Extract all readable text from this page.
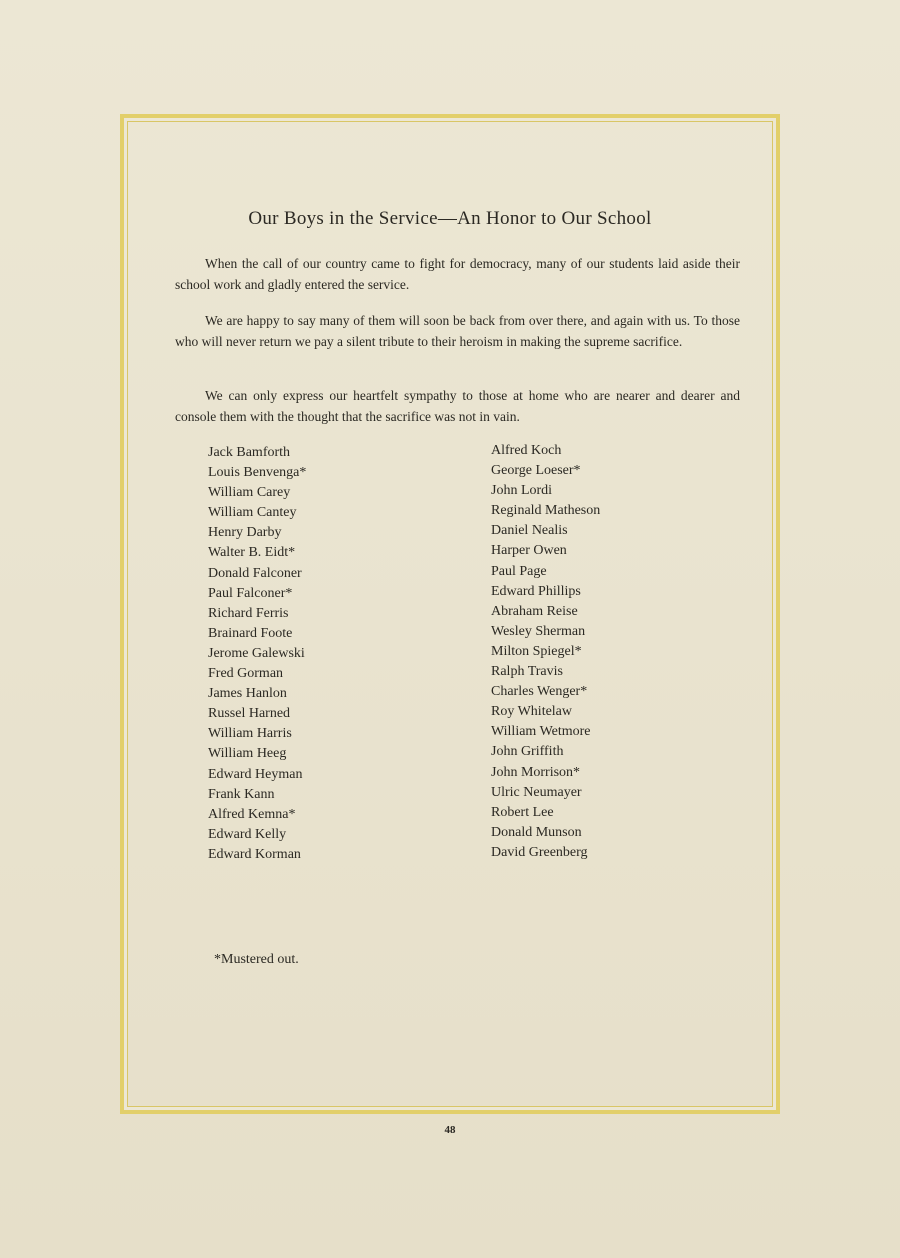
Our Boys in the Service—An Honor to Our School

When the call of our country came to fight for democracy, many of our students laid aside their school work and gladly entered the service.

We are happy to say many of them will soon be back from over there, and again with us. To those who will never return we pay a silent tribute to their heroism in making the supreme sacrifice.

We can only express our heartfelt sympathy to those at home who are nearer and dearer and console them with the thought that the sacrifice was not in vain.

Jack Bamforth
Louis Benvenga*
William Carey
William Cantey
Henry Darby
Walter B. Eidt*
Donald Falconer
Paul Falconer*
Richard Ferris
Brainard Foote
Jerome Galewski
Fred Gorman
James Hanlon
Russel Harned
William Harris
William Heeg
Edward Heyman
Frank Kann
Alfred Kemna*
Edward Kelly
Edward Korman
Alfred Koch
George Loeser*
John Lordi
Reginald Matheson
Daniel Nealis
Harper Owen
Paul Page
Edward Phillips
Abraham Reise
Wesley Sherman
Milton Spiegel*
Ralph Travis
Charles Wenger*
Roy Whitelaw
William Wetmore
John Griffith
John Morrison*
Ulric Neumayer
Robert Lee
Donald Munson
David Greenberg

*Mustered out.

48
